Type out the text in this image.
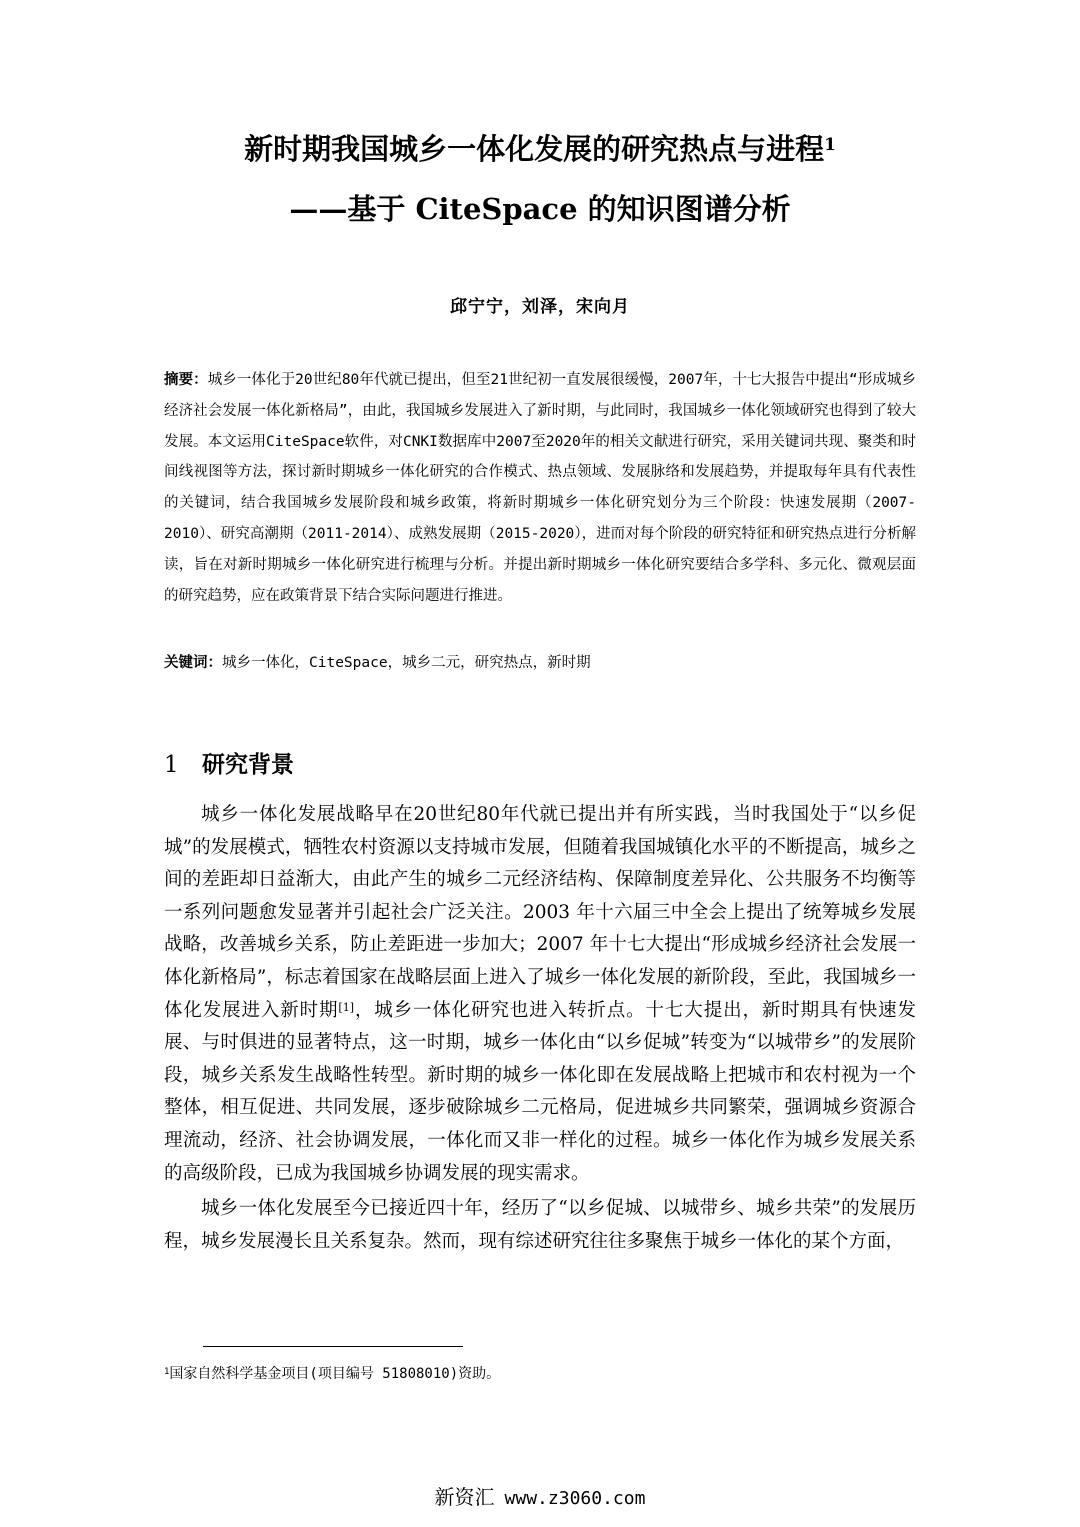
新时期我国城乡一体化发展的研究热点与进程$^1$
——基于 CiteSpace 的知识图谱分析
邱宁宁，刘泽，宋向月
摘要：城乡一体化于20世纪80年代就已提出，但至21世纪初一直发展很缓慢，2007年，十七大报告中提出“形成城乡经济社会发展一体化新格局”，由此，我国城乡发展进入了新时期，与此同时，我国城乡一体化领域研究也得到了较大发展。本文运用CiteSpace软件，对CNKI数据库中2007至2020年的相关文献进行研究，采用关键词共现、聚类和时间线视图等方法，探讨新时期城乡一体化研究的合作模式、热点领域、发展脉络和发展趋势，并提取每年具有代表性的关键词，结合我国城乡发展阶段和城乡政策，将新时期城乡一体化研究划分为三个阶段：快速发展期（2007-2010）、研究高潮期（2011-2014）、成熟发展期（2015-2020），进而对每个阶段的研究特征和研究热点进行分析解读，旨在对新时期城乡一体化研究进行梳理与分析。并提出新时期城乡一体化研究要结合多学科、多元化、微观层面的研究趋势，应在政策背景下结合实际问题进行推进。
关键词：城乡一体化，CiteSpace，城乡二元，研究热点，新时期
1 研究背景

城乡一体化发展战略早在20世纪80年代就已提出并有所实践，当时我国处于“以乡促城”的发展模式，牺牲农村资源以支持城市发展，但随着我国城镇化水平的不断提高，城乡之间的差距却日益渐大，由此产生的城乡二元经济结构、保障制度差异化、公共服务不均衡等一系列问题愈发显著并引起社会广泛关注。2003 年十六届三中全会上提出了统筹城乡发展战略，改善城乡关系，防止差距进一步加大；2007 年十七大提出“形成城乡经济社会发展一体化新格局”，标志着国家在战略层面上进入了城乡一体化发展的新阶段，至此，我国城乡一体化发展进入新时期[1]，城乡一体化研究也进入转折点。十七大提出，新时期具有快速发展、与时俱进的显著特点，这一时期，城乡一体化由“以乡促城”转变为“以城带乡”的发展阶段，城乡关系发生战略性转型。新时期的城乡一体化即在发展战略上把城市和农村视为一个整体，相互促进、共同发展，逐步破除城乡二元格局，促进城乡共同繁荣，强调城乡资源合理流动，经济、社会协调发展，一体化而又非一样化的过程。城乡一体化作为城乡发展关系的高级阶段，已成为我国城乡协调发展的现实需求。

城乡一体化发展至今已接近四十年，经历了“以乡促城、以城带乡、城乡共荣”的发展历程，城乡发展漫长且关系复杂。然而，现有综述研究往往多聚焦于城乡一体化的某个方面，

$^1$国家自然科学基金项目(项目编号 51808010)资助。
新资汇 www.z3060.com
